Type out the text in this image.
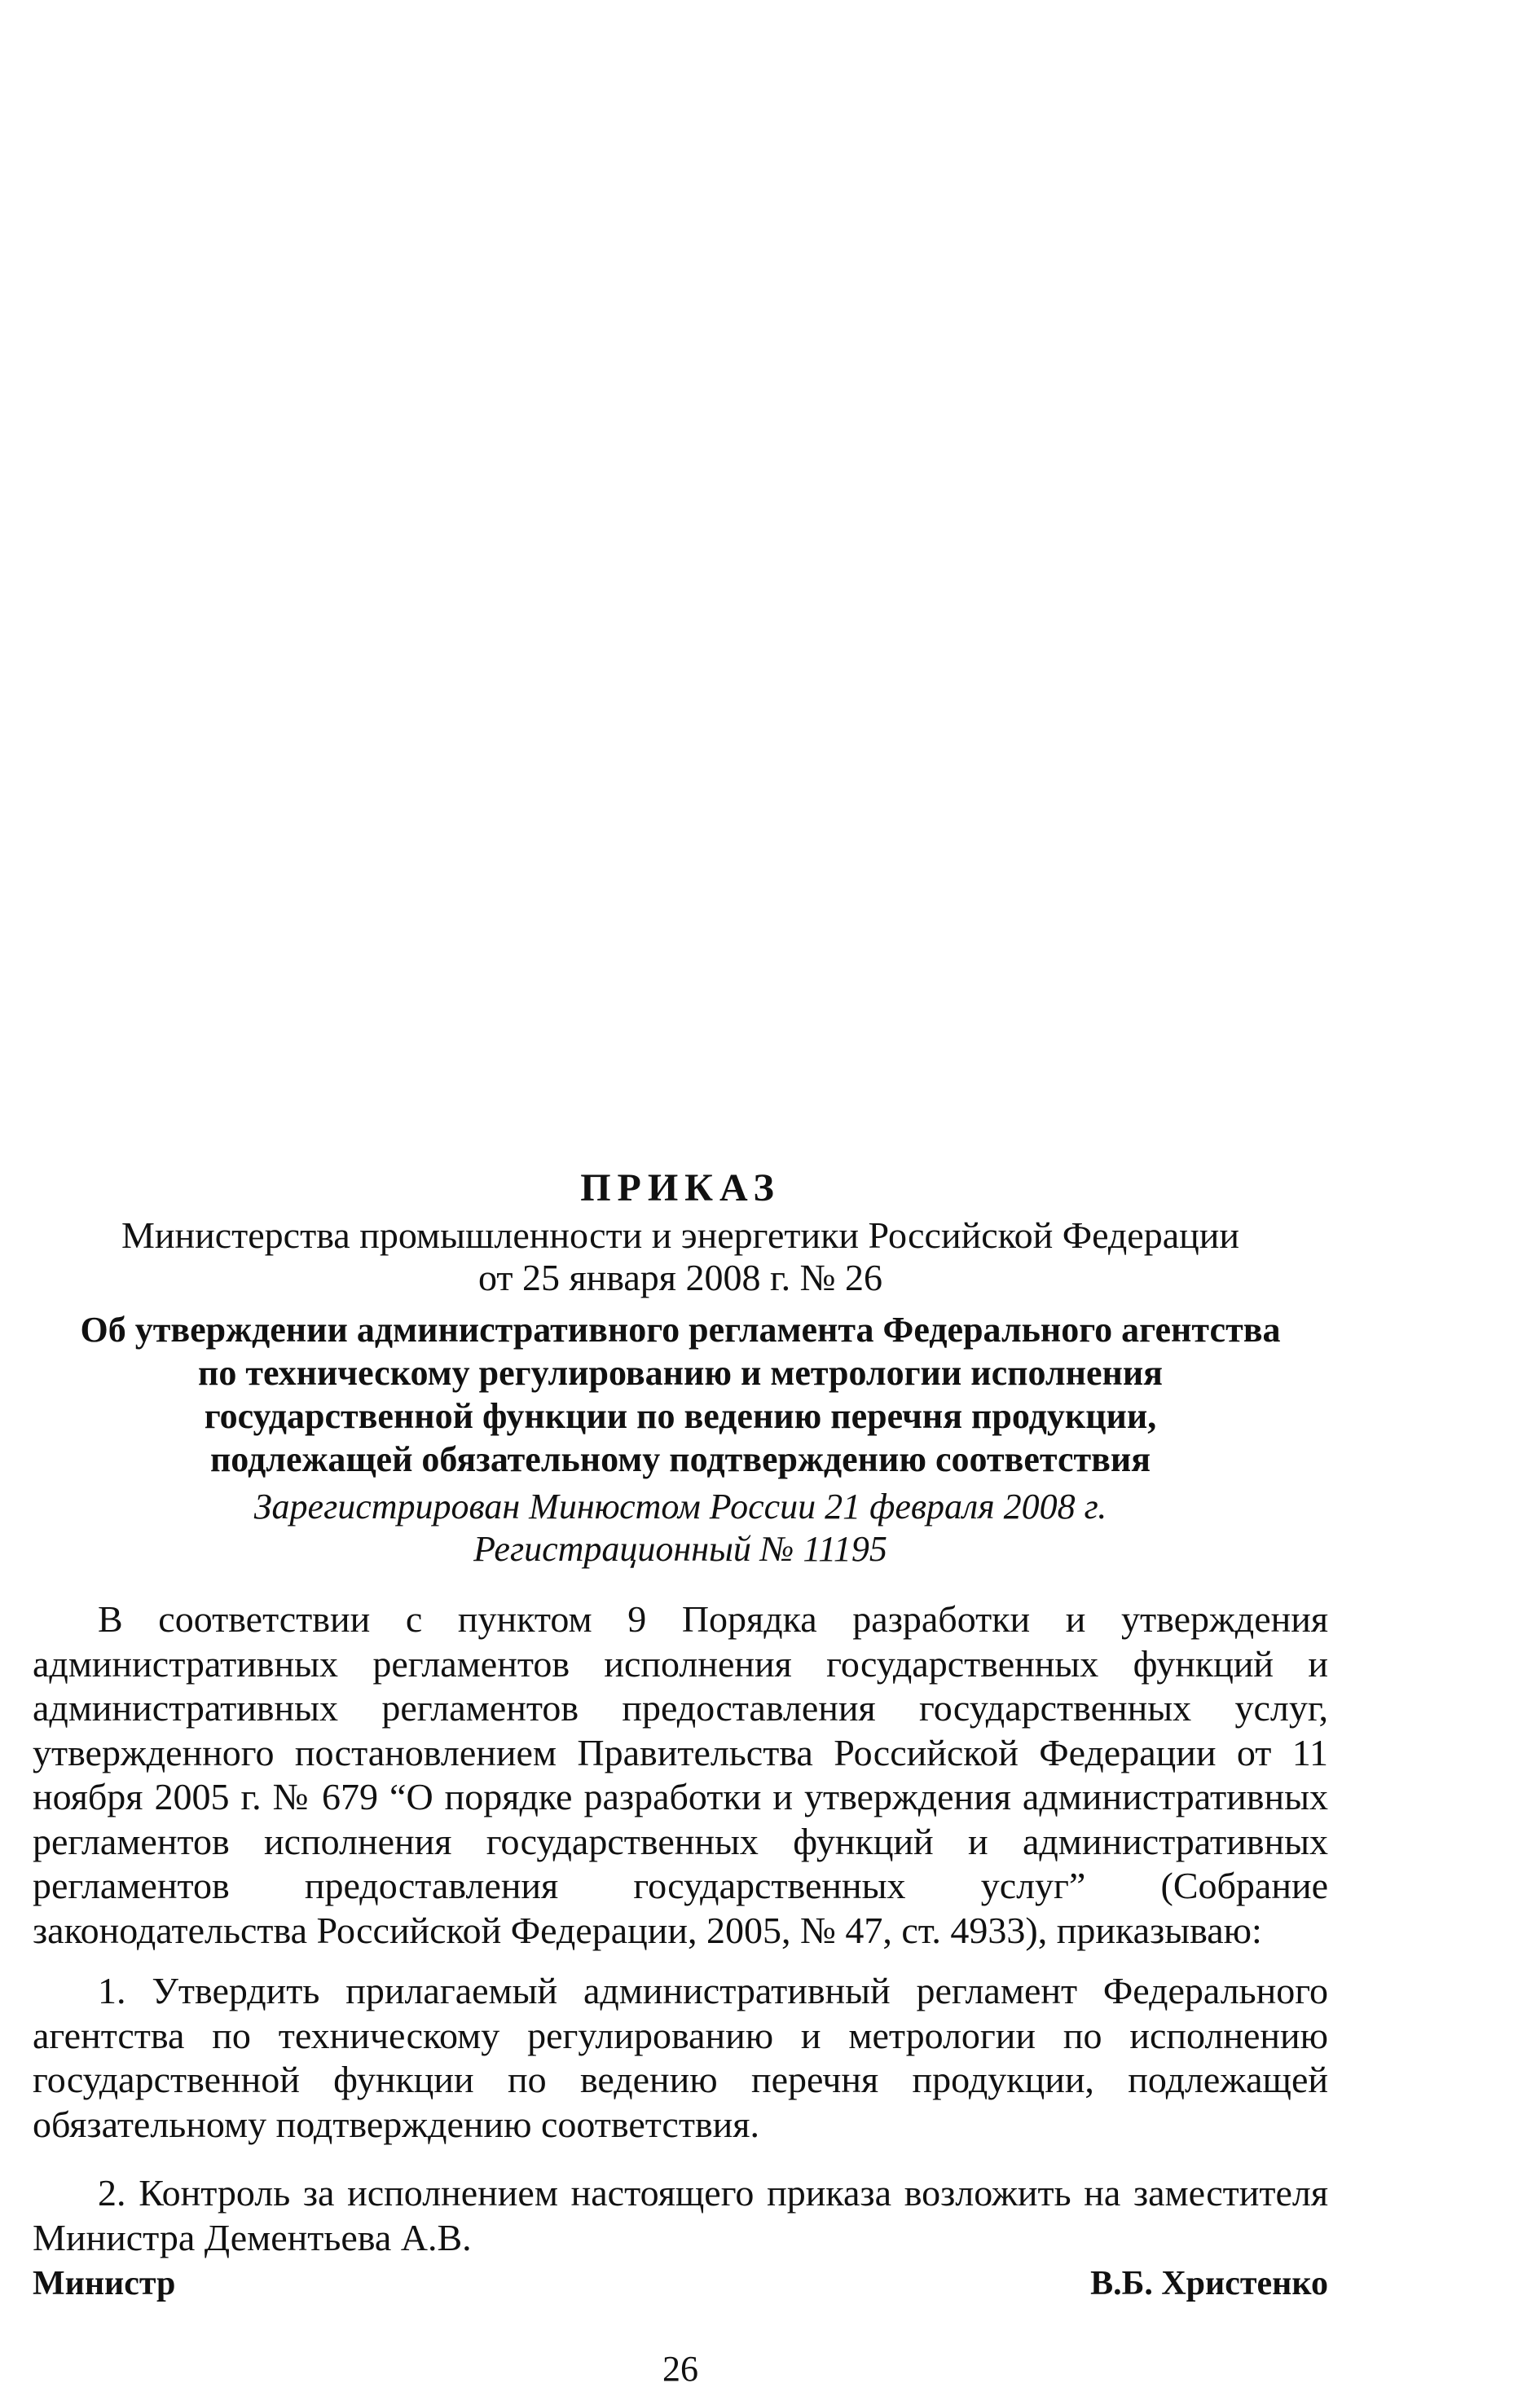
ПРИКАЗ
Министерства промышленности и энергетики Российской Федерации
от 25 января 2008 г. № 26
Об утверждении административного регламента Федерального агентства
по техническому регулированию и метрологии исполнения
государственной функции по ведению перечня продукции,
подлежащей обязательному подтверждению соответствия
Зарегистрирован Минюстом России 21 февраля 2008 г.
Регистрационный № 11195

В соответствии с пунктом 9 Порядка разработки и утверждения административных регламентов исполнения государственных функций и административных регламентов предоставления государственных услуг, утвержденного постановлением Правительства Российской Федерации от 11 ноября 2005 г. № 679 “О порядке разработки и утверждения административных регламентов исполнения государственных функций и административных регламентов предоставления государственных услуг” (Собрание законодательства Российской Федерации, 2005, № 47, ст. 4933), приказываю:

1. Утвердить прилагаемый административный регламент Федерального агентства по техническому регулированию и метрологии по исполнению государственной функции по ведению перечня продукции, подлежащей обязательному подтверждению соответствия.

2. Контроль за исполнением настоящего приказа возложить на заместителя Министра Дементьева А.В.

Министр	В.Б. Христенко
26
